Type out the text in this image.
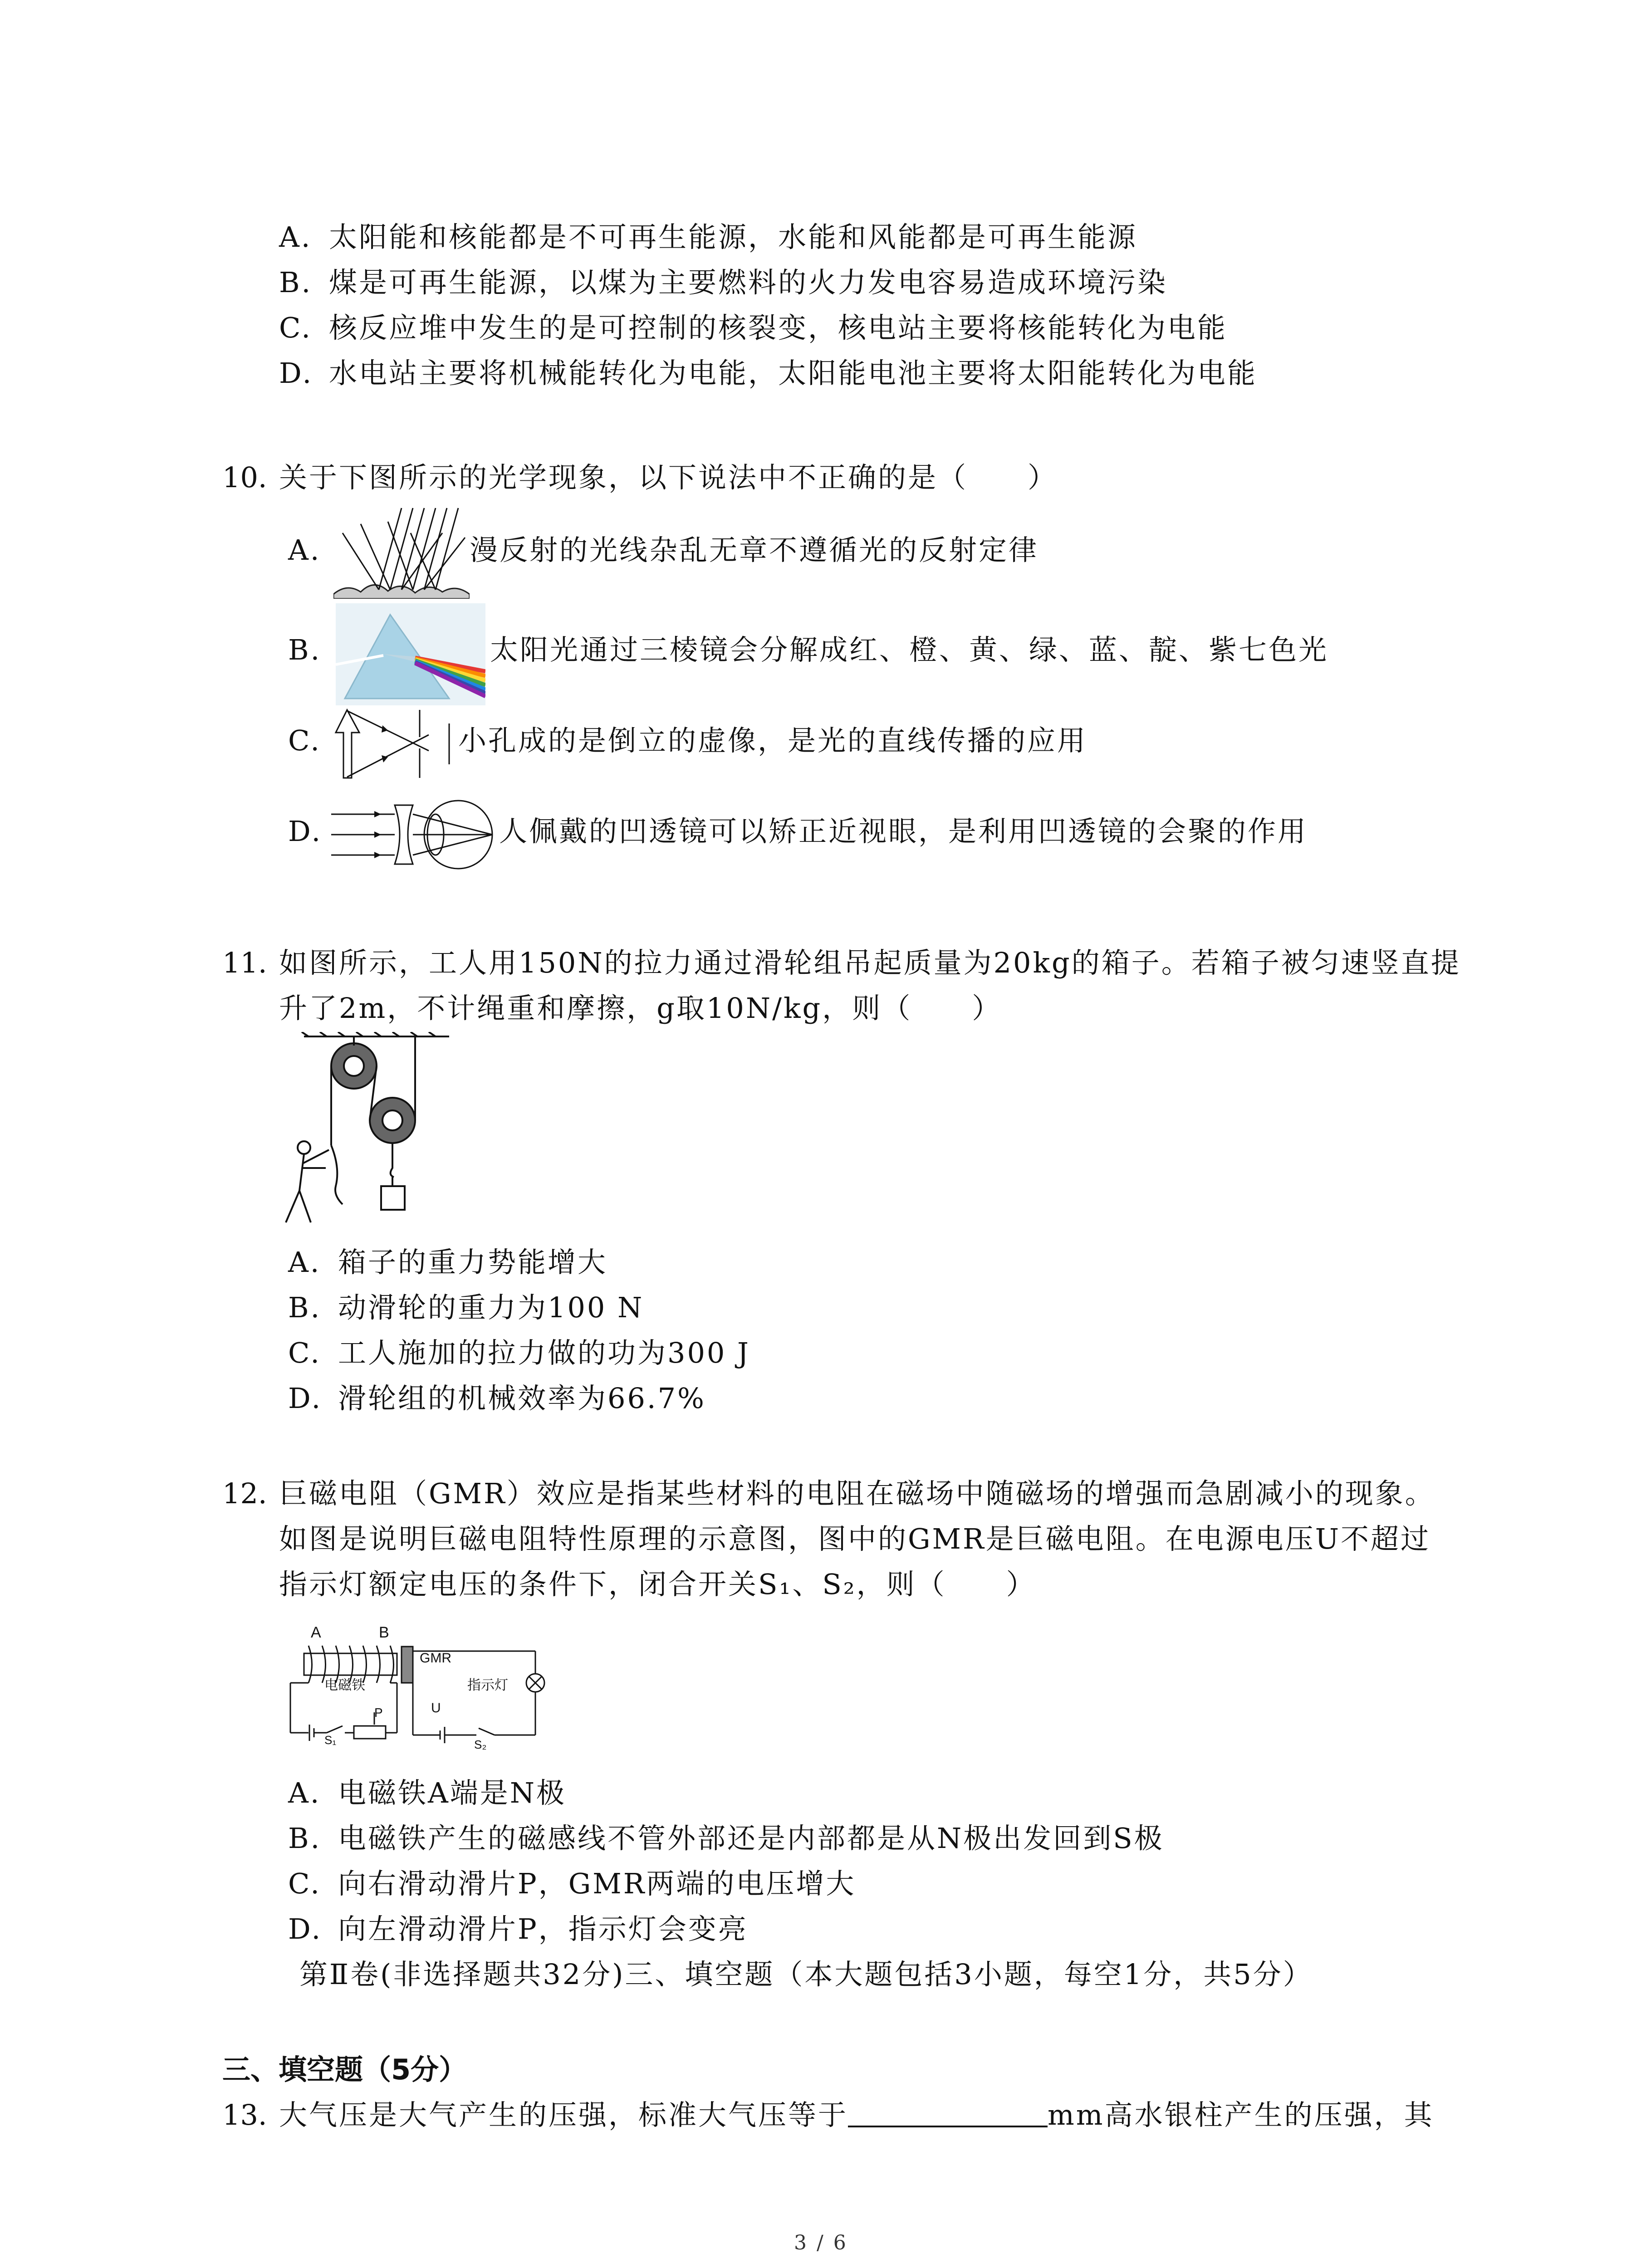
A. 太阳能和核能都是不可再生能源，水能和风能都是可再生能源
B. 煤是可再生能源，以煤为主要燃料的火力发电容易造成环境污染
C. 核反应堆中发生的是可控制的核裂变，核电站主要将核能转化为电能
D. 水电站主要将机械能转化为电能，太阳能电池主要将太阳能转化为电能
10. 关于下图所示的光学现象，以下说法中不正确的是（　　）
A.	漫反射的光线杂乱无章不遵循光的反射定律
B.	太阳光通过三棱镜会分解成红、橙、黄、绿、蓝、靛、紫七色光
C.	小孔成的是倒立的虚像，是光的直线传播的应用
D.	人佩戴的凹透镜可以矫正近视眼，是利用凹透镜的会聚的作用
11. 如图所示，工人用150N的拉力通过滑轮组吊起质量为20kg的箱子。若箱子被匀速竖直提
升了2m，不计绳重和摩擦，g取10N/kg，则（　　）
A. 箱子的重力势能增大
B. 动滑轮的重力为100 N
C. 工人施加的拉力做的功为300 J
D. 滑轮组的机械效率为66.7%
12. 巨磁电阻（GMR）效应是指某些材料的电阻在磁场中随磁场的增强而急剧减小的现象。
如图是说明巨磁电阻特性原理的示意图，图中的GMR是巨磁电阻。在电源电压U不超过
指示灯额定电压的条件下，闭合开关S₁、S₂，则（　　）
A	B
GMR
电磁铁	指示灯
U
P
S₁	S₂
A. 电磁铁A端是N极
B. 电磁铁产生的磁感线不管外部还是内部都是从N极出发回到S极
C. 向右滑动滑片P，GMR两端的电压增大
D. 向左滑动滑片P，指示灯会变亮
第Ⅱ卷(非选择题共32分)三、填空题（本大题包括3小题，每空1分，共5分）
三、填空题（5分）
13. 大气压是大气产生的压强，标准大气压等于	mm高水银柱产生的压强，其
3 / 6
